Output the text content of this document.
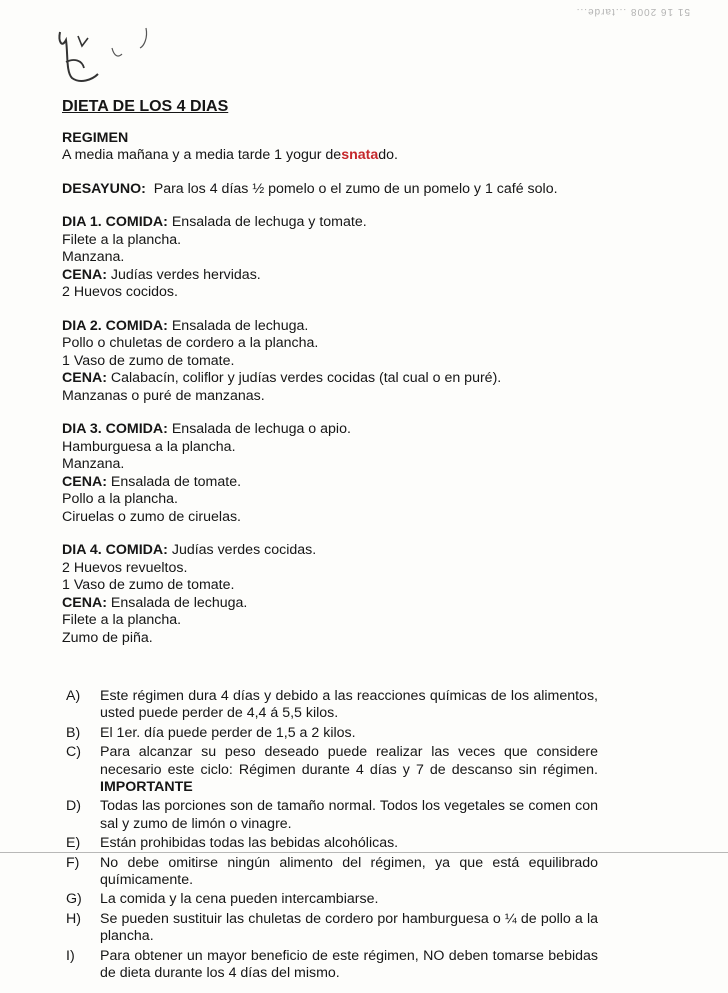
51 16 2008 ...tarde...
DIETA DE LOS 4 DIAS
REGIMEN
A media mañana y a media tarde 1 yogur desnatado.
DESAYUNO: Para los 4 días ½ pomelo o el zumo de un pomelo y 1 café solo.
DIA 1. COMIDA: Ensalada de lechuga y tomate.
Filete a la plancha.
Manzana.
CENA: Judías verdes hervidas.
2 Huevos cocidos.
DIA 2. COMIDA: Ensalada de lechuga.
Pollo o chuletas de cordero a la plancha.
1 Vaso de zumo de tomate.
CENA: Calabacín, coliflor y judías verdes cocidas (tal cual o en puré).
Manzanas o puré de manzanas.
DIA 3. COMIDA: Ensalada de lechuga o apio.
Hamburguesa a la plancha.
Manzana.
CENA: Ensalada de tomate.
Pollo a la plancha.
Ciruelas o zumo de ciruelas.
DIA 4. COMIDA: Judías verdes cocidas.
2 Huevos revueltos.
1 Vaso de zumo de tomate.
CENA: Ensalada de lechuga.
Filete a la plancha.
Zumo de piña.
A)	Este régimen dura 4 días y debido a las reacciones químicas de los alimentos, usted puede perder de 4,4 á 5,5 kilos.
B)	El 1er. día puede perder de 1,5 a 2 kilos.
C)	Para alcanzar su peso deseado puede realizar las veces que considere necesario este ciclo: Régimen durante 4 días y 7 de descanso sin régimen. IMPORTANTE
D)	Todas las porciones son de tamaño normal. Todos los vegetales se comen con sal y zumo de limón o vinagre.
E)	Están prohibidas todas las bebidas alcohólicas.
F)	No debe omitirse ningún alimento del régimen, ya que está equilibrado químicamente.
G)	La comida y la cena pueden intercambiarse.
H)	Se pueden sustituir las chuletas de cordero por hamburguesa o ¼ de pollo a la plancha.
I)	Para obtener un mayor beneficio de este régimen, NO deben tomarse bebidas de dieta durante los 4 días del mismo.
